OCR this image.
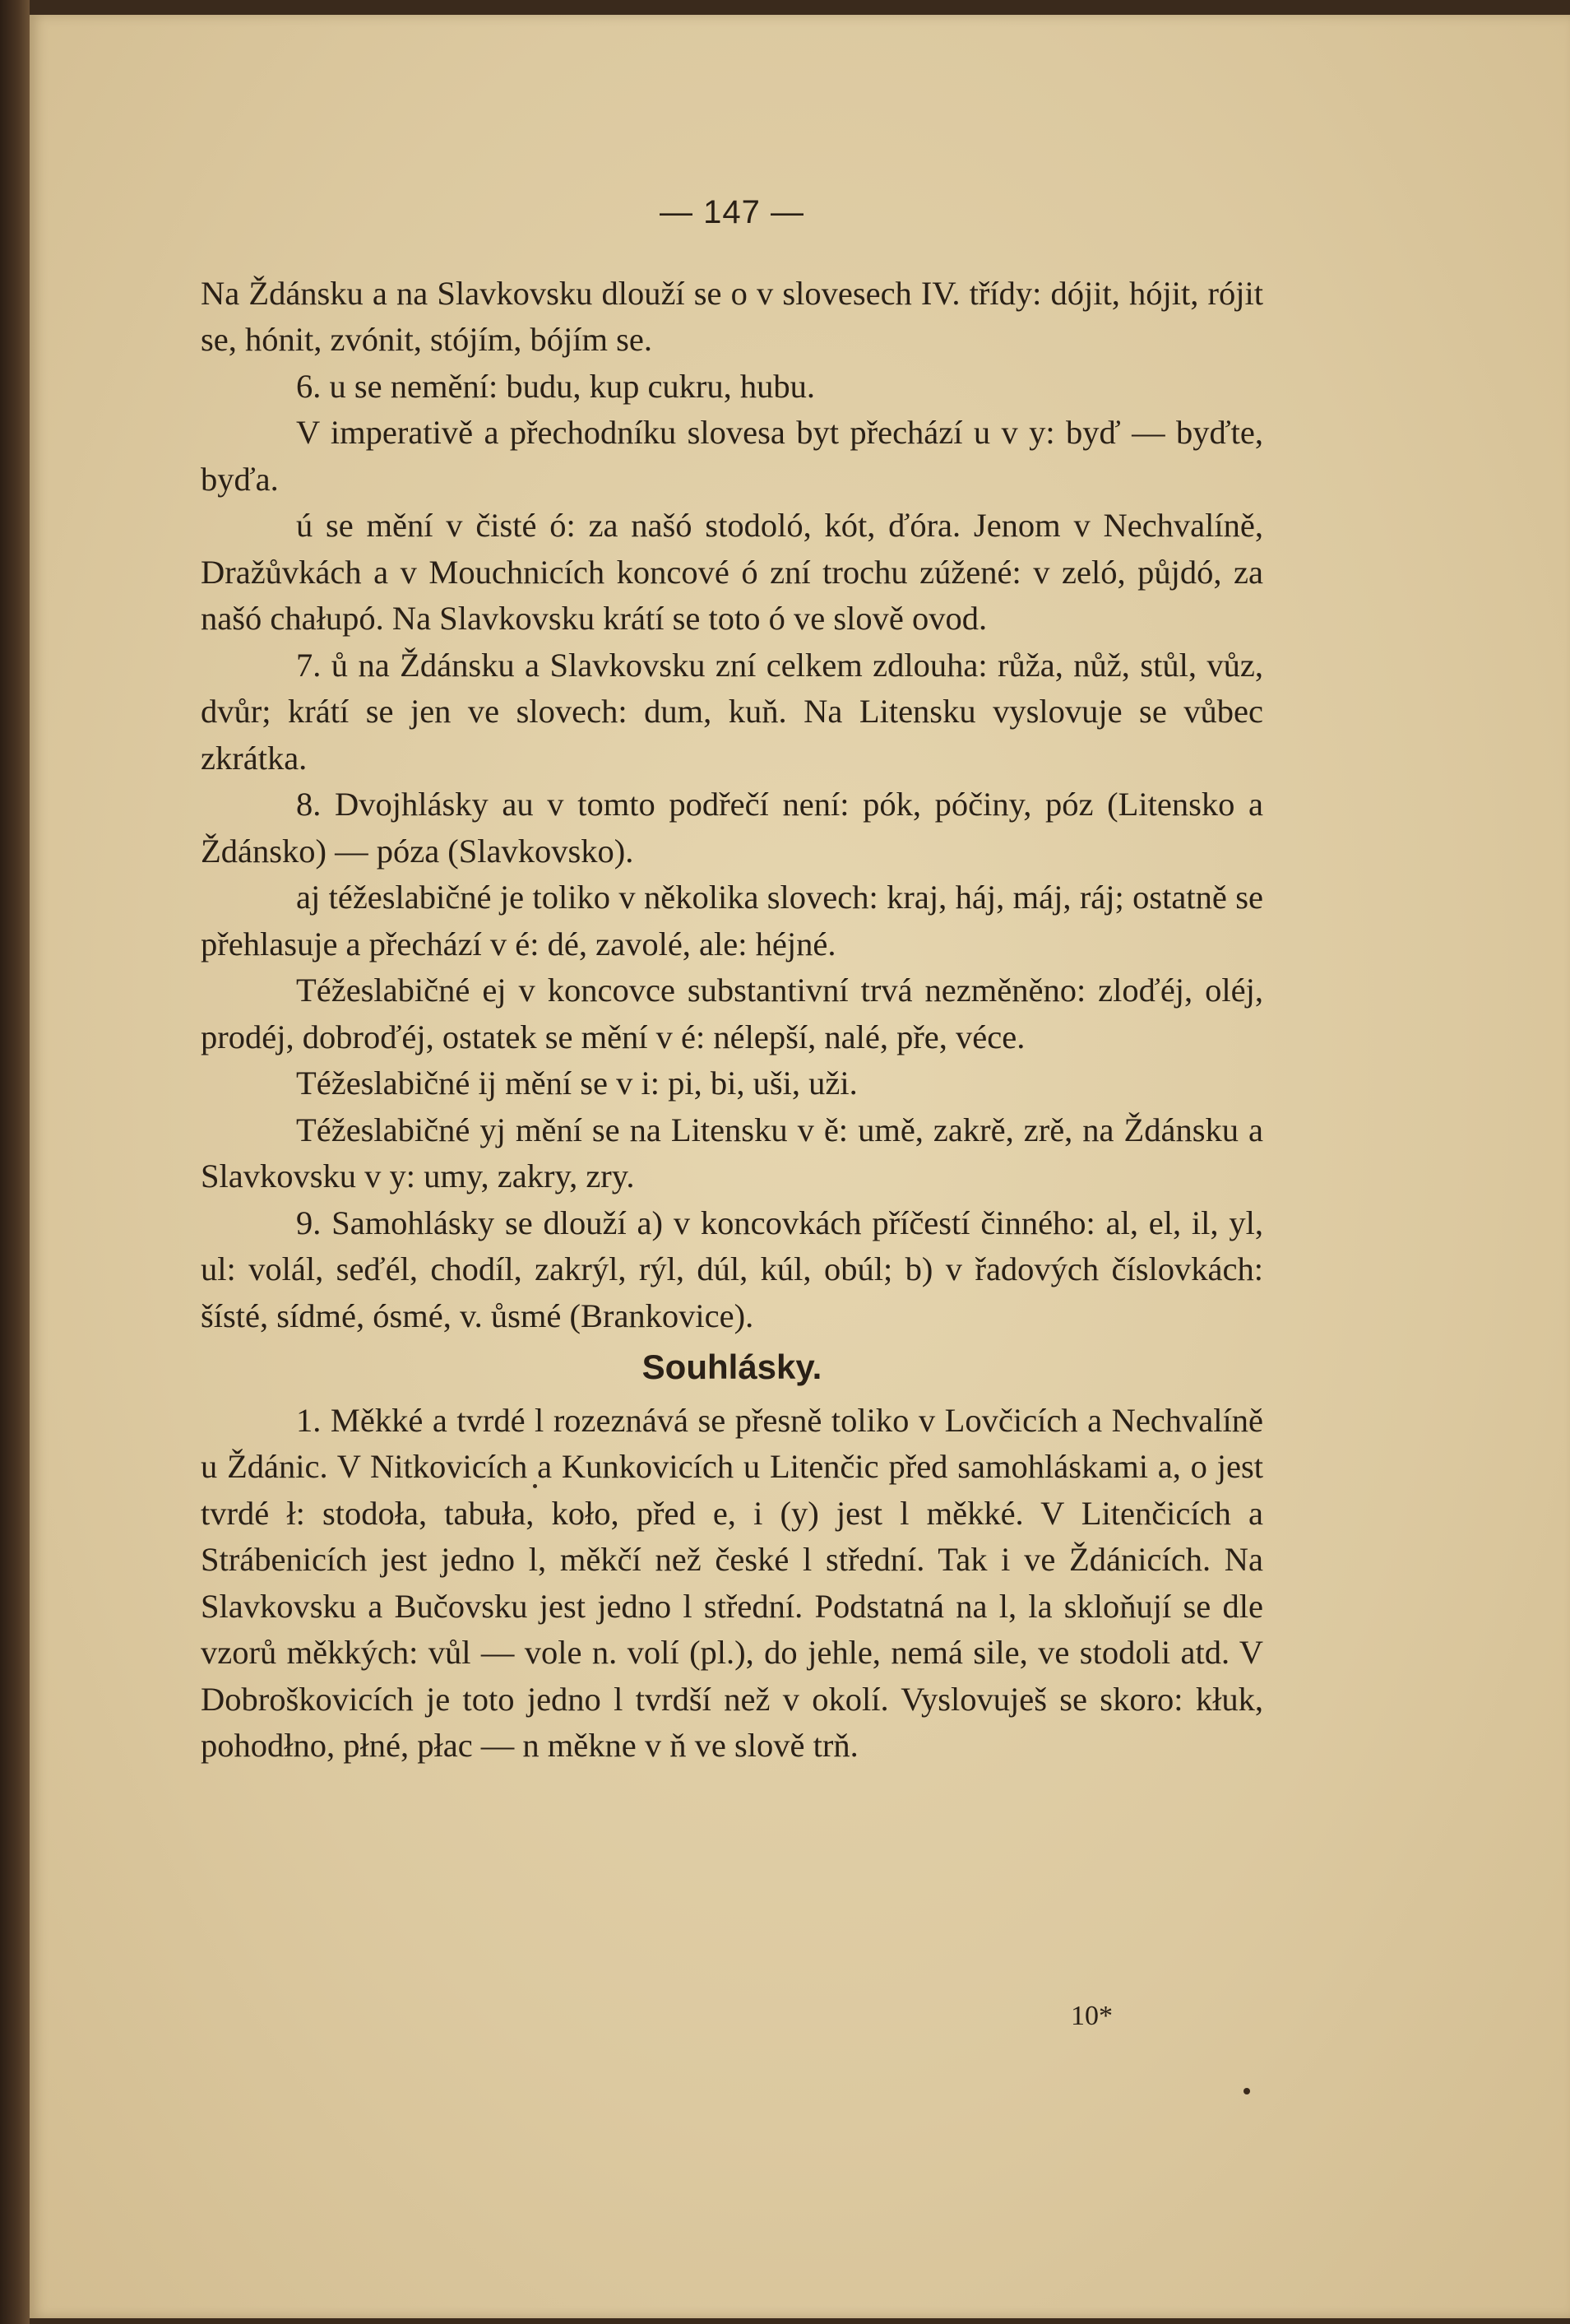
— 147 —

Na Ždánsku a na Slavkovsku dlouží se o v slovesech IV. třídy: dójit, hójit, rójit se, hónit, zvónit, stójím, bójím se.

6. u se nemění: budu, kup cukru, hubu.

V imperativě a přechodníku slovesa byt přechází u v y: byď — byďte, byďa.

ú se mění v čisté ó: za našó stodoló, kót, ďóra. Jenom v Nechvalíně, Dražůvkách a v Mouchnicích koncové ó zní trochu zúžené: v zeló, půjdó, za našó chałupó. Na Slavkovsku krátí se toto ó ve slově ovod.

7. ů na Ždánsku a Slavkovsku zní celkem zdlouha: růža, nůž, stůl, vůz, dvůr; krátí se jen ve slovech: dum, kuň. Na Litensku vyslovuje se vůbec zkrátka.

8. Dvojhlásky au v tomto podřečí není: pók, póčiny, póz (Litensko a Ždánsko) — póza (Slavkovsko).

aj téžeslabičné je toliko v několika slovech: kraj, háj, máj, ráj; ostatně se přehlasuje a přechází v é: dé, zavolé, ale: héjné.

Téžeslabičné ej v koncovce substantivní trvá nezměněno: zloďéj, oléj, prodéj, dobroďéj, ostatek se mění v é: nélepší, nalé, pře, véce.

Téžeslabičné ij mění se v i: pi, bi, uši, uži.

Téžeslabičné yj mění se na Litensku v ě: umě, zakrě, zrě, na Ždánsku a Slavkovsku v y: umy, zakry, zry.

9. Samohlásky se dlouží a) v koncovkách příčestí činného: al, el, il, yl, ul: volál, seďél, chodíl, zakrýl, rýl, dúl, kúl, obúl; b) v řadových číslovkách: šísté, sídmé, ósmé, v. ůsmé (Brankovice).

Souhlásky.

1. Měkké a tvrdé l rozeznává se přesně toliko v Lovčicích a Nechvalíně u Ždánic. V Nitkovicích a Kunkovicích u Litenčic před samohláskami a, o jest tvrdé ł: stodoła, tabuła, koło, před e, i (y) jest l měkké. V Litenčicích a Strábenicích jest jedno l, měkčí než české l střední. Tak i ve Ždánicích. Na Slavkovsku a Bučovsku jest jedno l střední. Podstatná na l, la skloňují se dle vzorů měkkých: vůl — vole n. volí (pl.), do jehle, nemá sile, ve stodoli atd. V Dobroškovicích je toto jedno l tvrdší než v okolí. Vyslovuješ se skoro: kłuk, pohodłno, płné, płac — n měkne v ň ve slově trň.

10*
